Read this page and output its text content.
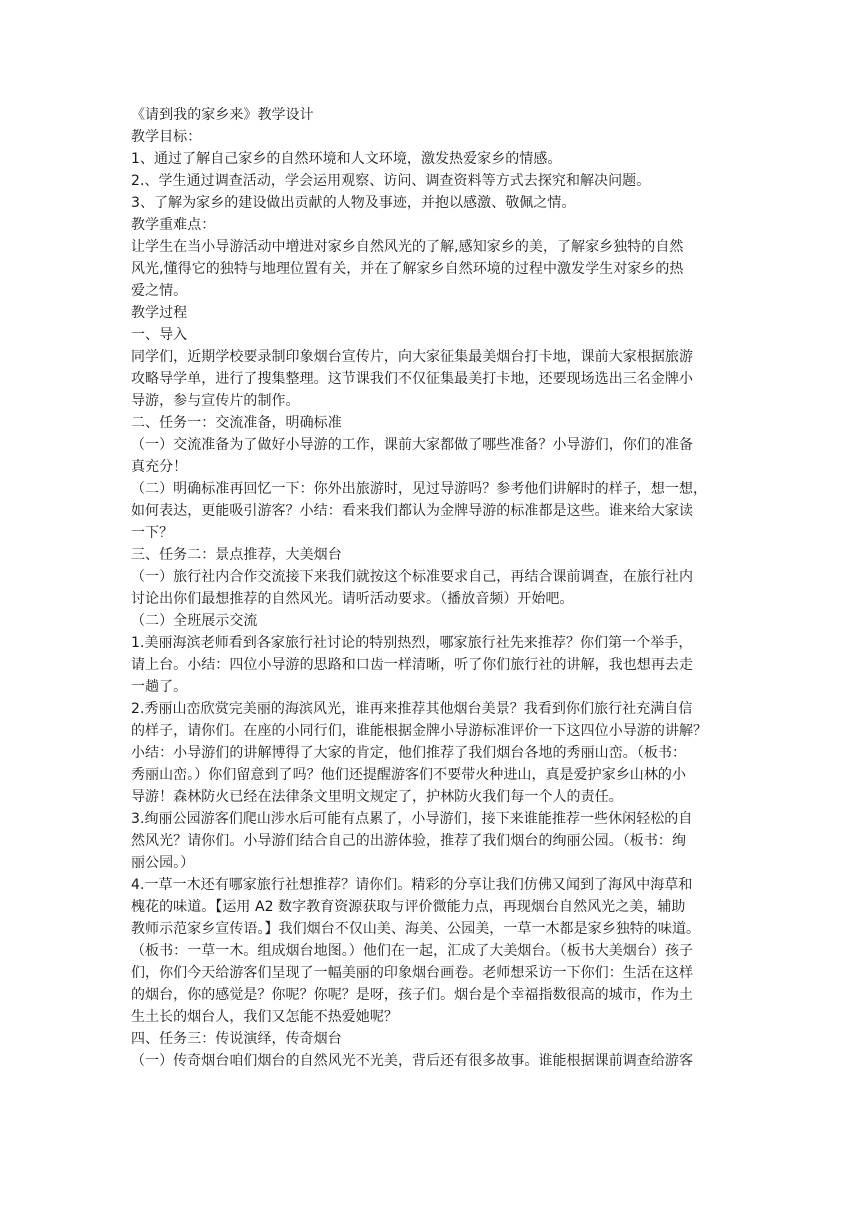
《请到我的家乡来》教学设计
教学目标：
1、通过了解自己家乡的自然环境和人文环境，激发热爱家乡的情感。
2.、学生通过调查活动，学会运用观察、访问、调查资料等方式去探究和解决问题。
3、了解为家乡的建设做出贡献的人物及事迹，并抱以感激、敬佩之情。
教学重难点：
让学生在当小导游活动中增进对家乡自然风光的了解,感知家乡的美，了解家乡独特的自然
风光,懂得它的独特与地理位置有关，并在了解家乡自然环境的过程中激发学生对家乡的热
爱之情。
教学过程
一、导入
同学们，近期学校要录制印象烟台宣传片，向大家征集最美烟台打卡地，课前大家根据旅游
攻略导学单，进行了搜集整理。这节课我们不仅征集最美打卡地，还要现场选出三名金牌小
导游，参与宣传片的制作。
二、任务一：交流准备，明确标准
（一）交流准备为了做好小导游的工作，课前大家都做了哪些准备？小导游们，你们的准备
真充分！
（二）明确标准再回忆一下：你外出旅游时，见过导游吗？参考他们讲解时的样子，想一想，
如何表达，更能吸引游客？小结：看来我们都认为金牌导游的标准都是这些。谁来给大家读
一下？
三、任务二：景点推荐，大美烟台
（一）旅行社内合作交流接下来我们就按这个标准要求自己，再结合课前调查，在旅行社内
讨论出你们最想推荐的自然风光。请听活动要求。（播放音频）开始吧。
（二）全班展示交流
1.美丽海滨老师看到各家旅行社讨论的特别热烈，哪家旅行社先来推荐？你们第一个举手，
请上台。小结：四位小导游的思路和口齿一样清晰，听了你们旅行社的讲解，我也想再去走
一趟了。
2.秀丽山峦欣赏完美丽的海滨风光，谁再来推荐其他烟台美景？我看到你们旅行社充满自信
的样子，请你们。在座的小同行们，谁能根据金牌小导游标准评价一下这四位小导游的讲解？
小结：小导游们的讲解博得了大家的肯定，他们推荐了我们烟台各地的秀丽山峦。（板书：
秀丽山峦。）你们留意到了吗？他们还提醒游客们不要带火种进山，真是爱护家乡山林的小
导游！森林防火已经在法律条文里明文规定了，护林防火我们每一个人的责任。
3.绚丽公园游客们爬山涉水后可能有点累了，小导游们，接下来谁能推荐一些休闲轻松的自
然风光？请你们。小导游们结合自己的出游体验，推荐了我们烟台的绚丽公园。（板书：绚
丽公园。）
4.一草一木还有哪家旅行社想推荐？请你们。精彩的分享让我们仿佛又闻到了海风中海草和
槐花的味道。【运用 A2 数字教育资源获取与评价微能力点，再现烟台自然风光之美，辅助
教师示范家乡宣传语。】我们烟台不仅山美、海美、公园美，一草一木都是家乡独特的味道。
（板书：一草一木。组成烟台地图。）他们在一起，汇成了大美烟台。（板书大美烟台）孩子
们，你们今天给游客们呈现了一幅美丽的印象烟台画卷。老师想采访一下你们：生活在这样
的烟台，你的感觉是？你呢？你呢？是呀，孩子们。烟台是个幸福指数很高的城市，作为土
生土长的烟台人，我们又怎能不热爱她呢？
四、任务三：传说演绎，传奇烟台
（一）传奇烟台咱们烟台的自然风光不光美，背后还有很多故事。谁能根据课前调查给游客
